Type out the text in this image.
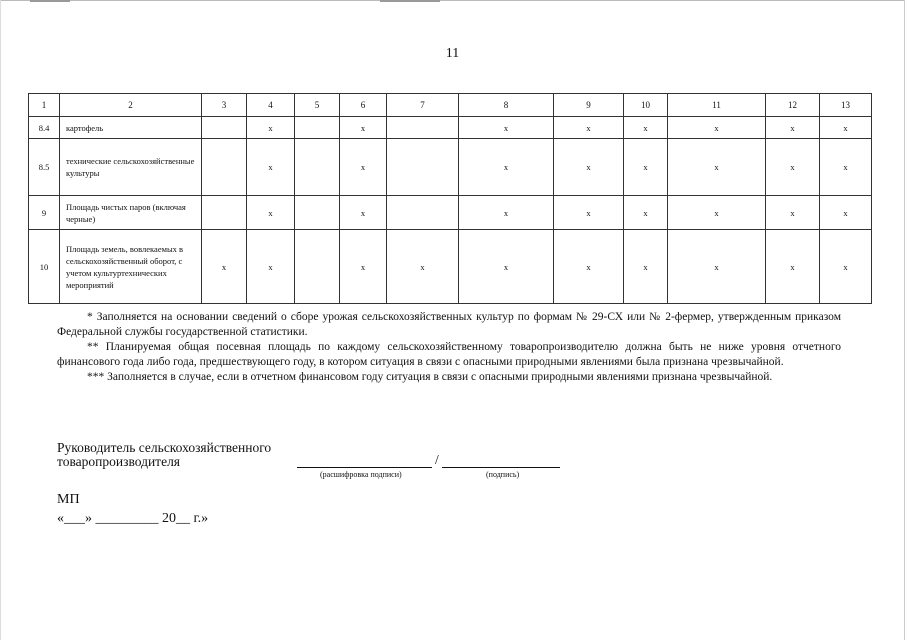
11
1	2	3	4	5	6	7	8	9	10	11	12	13
8.4	картофель		x		x		x	x	x	x	x	x
8.5	технические сельскохозяйственные культуры		x		x		x	x	x	x	x	x
9	Площадь чистых паров (включая черные)		x		x		x	x	x	x	x	x
10	Площадь земель, вовлекаемых в сельскохозяйственный оборот, с учетом культуртехнических мероприятий	x	x		x	x	x	x	x	x	x	x

* Заполняется на основании сведений о сборе урожая сельскохозяйственных культур по формам № 29-СХ или № 2-фермер, утвержденным приказом Федеральной службы государственной статистики.

** Планируемая общая посевная площадь по каждому сельскохозяйственному товаропроизводителю должна быть не ниже уровня отчетного финансового года либо года, предшествующего году, в котором ситуация в связи с опасными природными явлениями была признана чрезвычайной.

*** Заполняется в случае, если в отчетном финансовом году ситуация в связи с опасными природными явлениями признана чрезвычайной.

Руководитель сельскохозяйственного
товаропроизводителя	/
(расшифровка подписи)	(подпись)
МП
«___» _________ 20__ г.»
